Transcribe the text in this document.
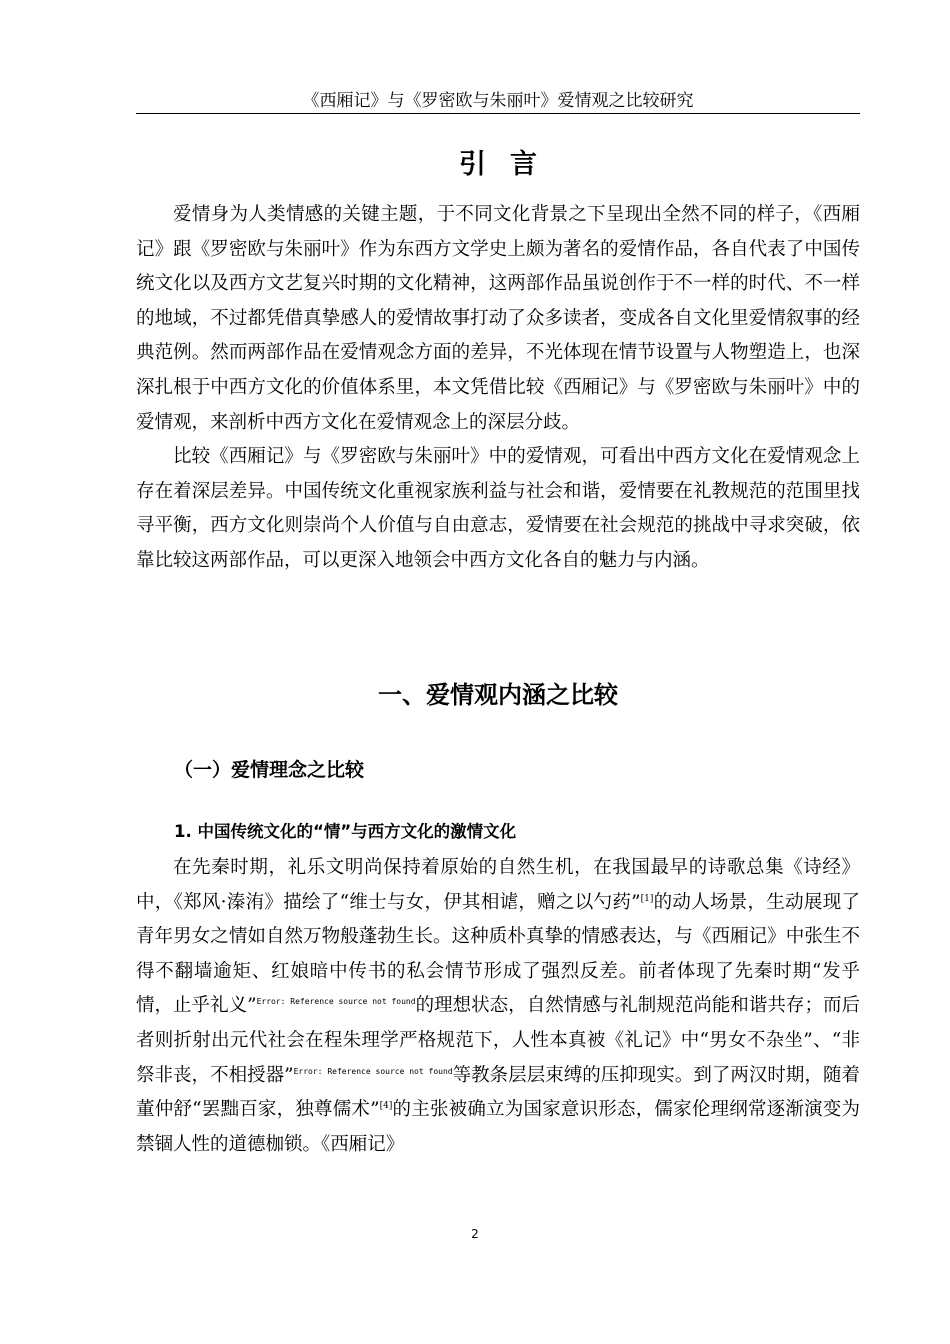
《西厢记》与《罗密欧与朱丽叶》爱情观之比较研究
引言

爱情身为人类情感的关键主题，于不同文化背景之下呈现出全然不同的样子，《西厢记》跟《罗密欧与朱丽叶》作为东西方文学史上颇为著名的爱情作品，各自代表了中国传统文化以及西方文艺复兴时期的文化精神，这两部作品虽说创作于不一样的时代、不一样的地域，不过都凭借真挚感人的爱情故事打动了众多读者，变成各自文化里爱情叙事的经典范例。然而两部作品在爱情观念方面的差异，不光体现在情节设置与人物塑造上，也深深扎根于中西方文化的价值体系里，本文凭借比较《西厢记》与《罗密欧与朱丽叶》中的爱情观，来剖析中西方文化在爱情观念上的深层分歧。

比较《西厢记》与《罗密欧与朱丽叶》中的爱情观，可看出中西方文化在爱情观念上存在着深层差异。中国传统文化重视家族利益与社会和谐，爱情要在礼教规范的范围里找寻平衡，西方文化则崇尚个人价值与自由意志，爱情要在社会规范的挑战中寻求突破，依靠比较这两部作品，可以更深入地领会中西方文化各自的魅力与内涵。

一、爱情观内涵之比较
（一）爱情理念之比较
1. 中国传统文化的“情”与西方文化的激情文化

在先秦时期，礼乐文明尚保持着原始的自然生机，在我国最早的诗歌总集《诗经》中，《郑风·溱洧》描绘了“维士与女，伊其相谑，赠之以勺药”[1]的动人场景，生动展现了青年男女之情如自然万物般蓬勃生长。这种质朴真挚的情感表达，与《西厢记》中张生不得不翻墙逾矩、红娘暗中传书的私会情节形成了强烈反差。前者体现了先秦时期“发乎情，止乎礼义”$^{Error: Reference source not found}$的理想状态，自然情感与礼制规范尚能和谐共存；而后者则折射出元代社会在程朱理学严格规范下，人性本真被《礼记》中“男女不杂坐”、“非祭非丧，不相授器”$^{Error: Reference source not found}$等教条层层束缚的压抑现实。到了两汉时期，随着董仲舒“罢黜百家，独尊儒术”[4]的主张被确立为国家意识形态，儒家伦理纲常逐渐演变为禁锢人性的道德枷锁。《西厢记》

2
